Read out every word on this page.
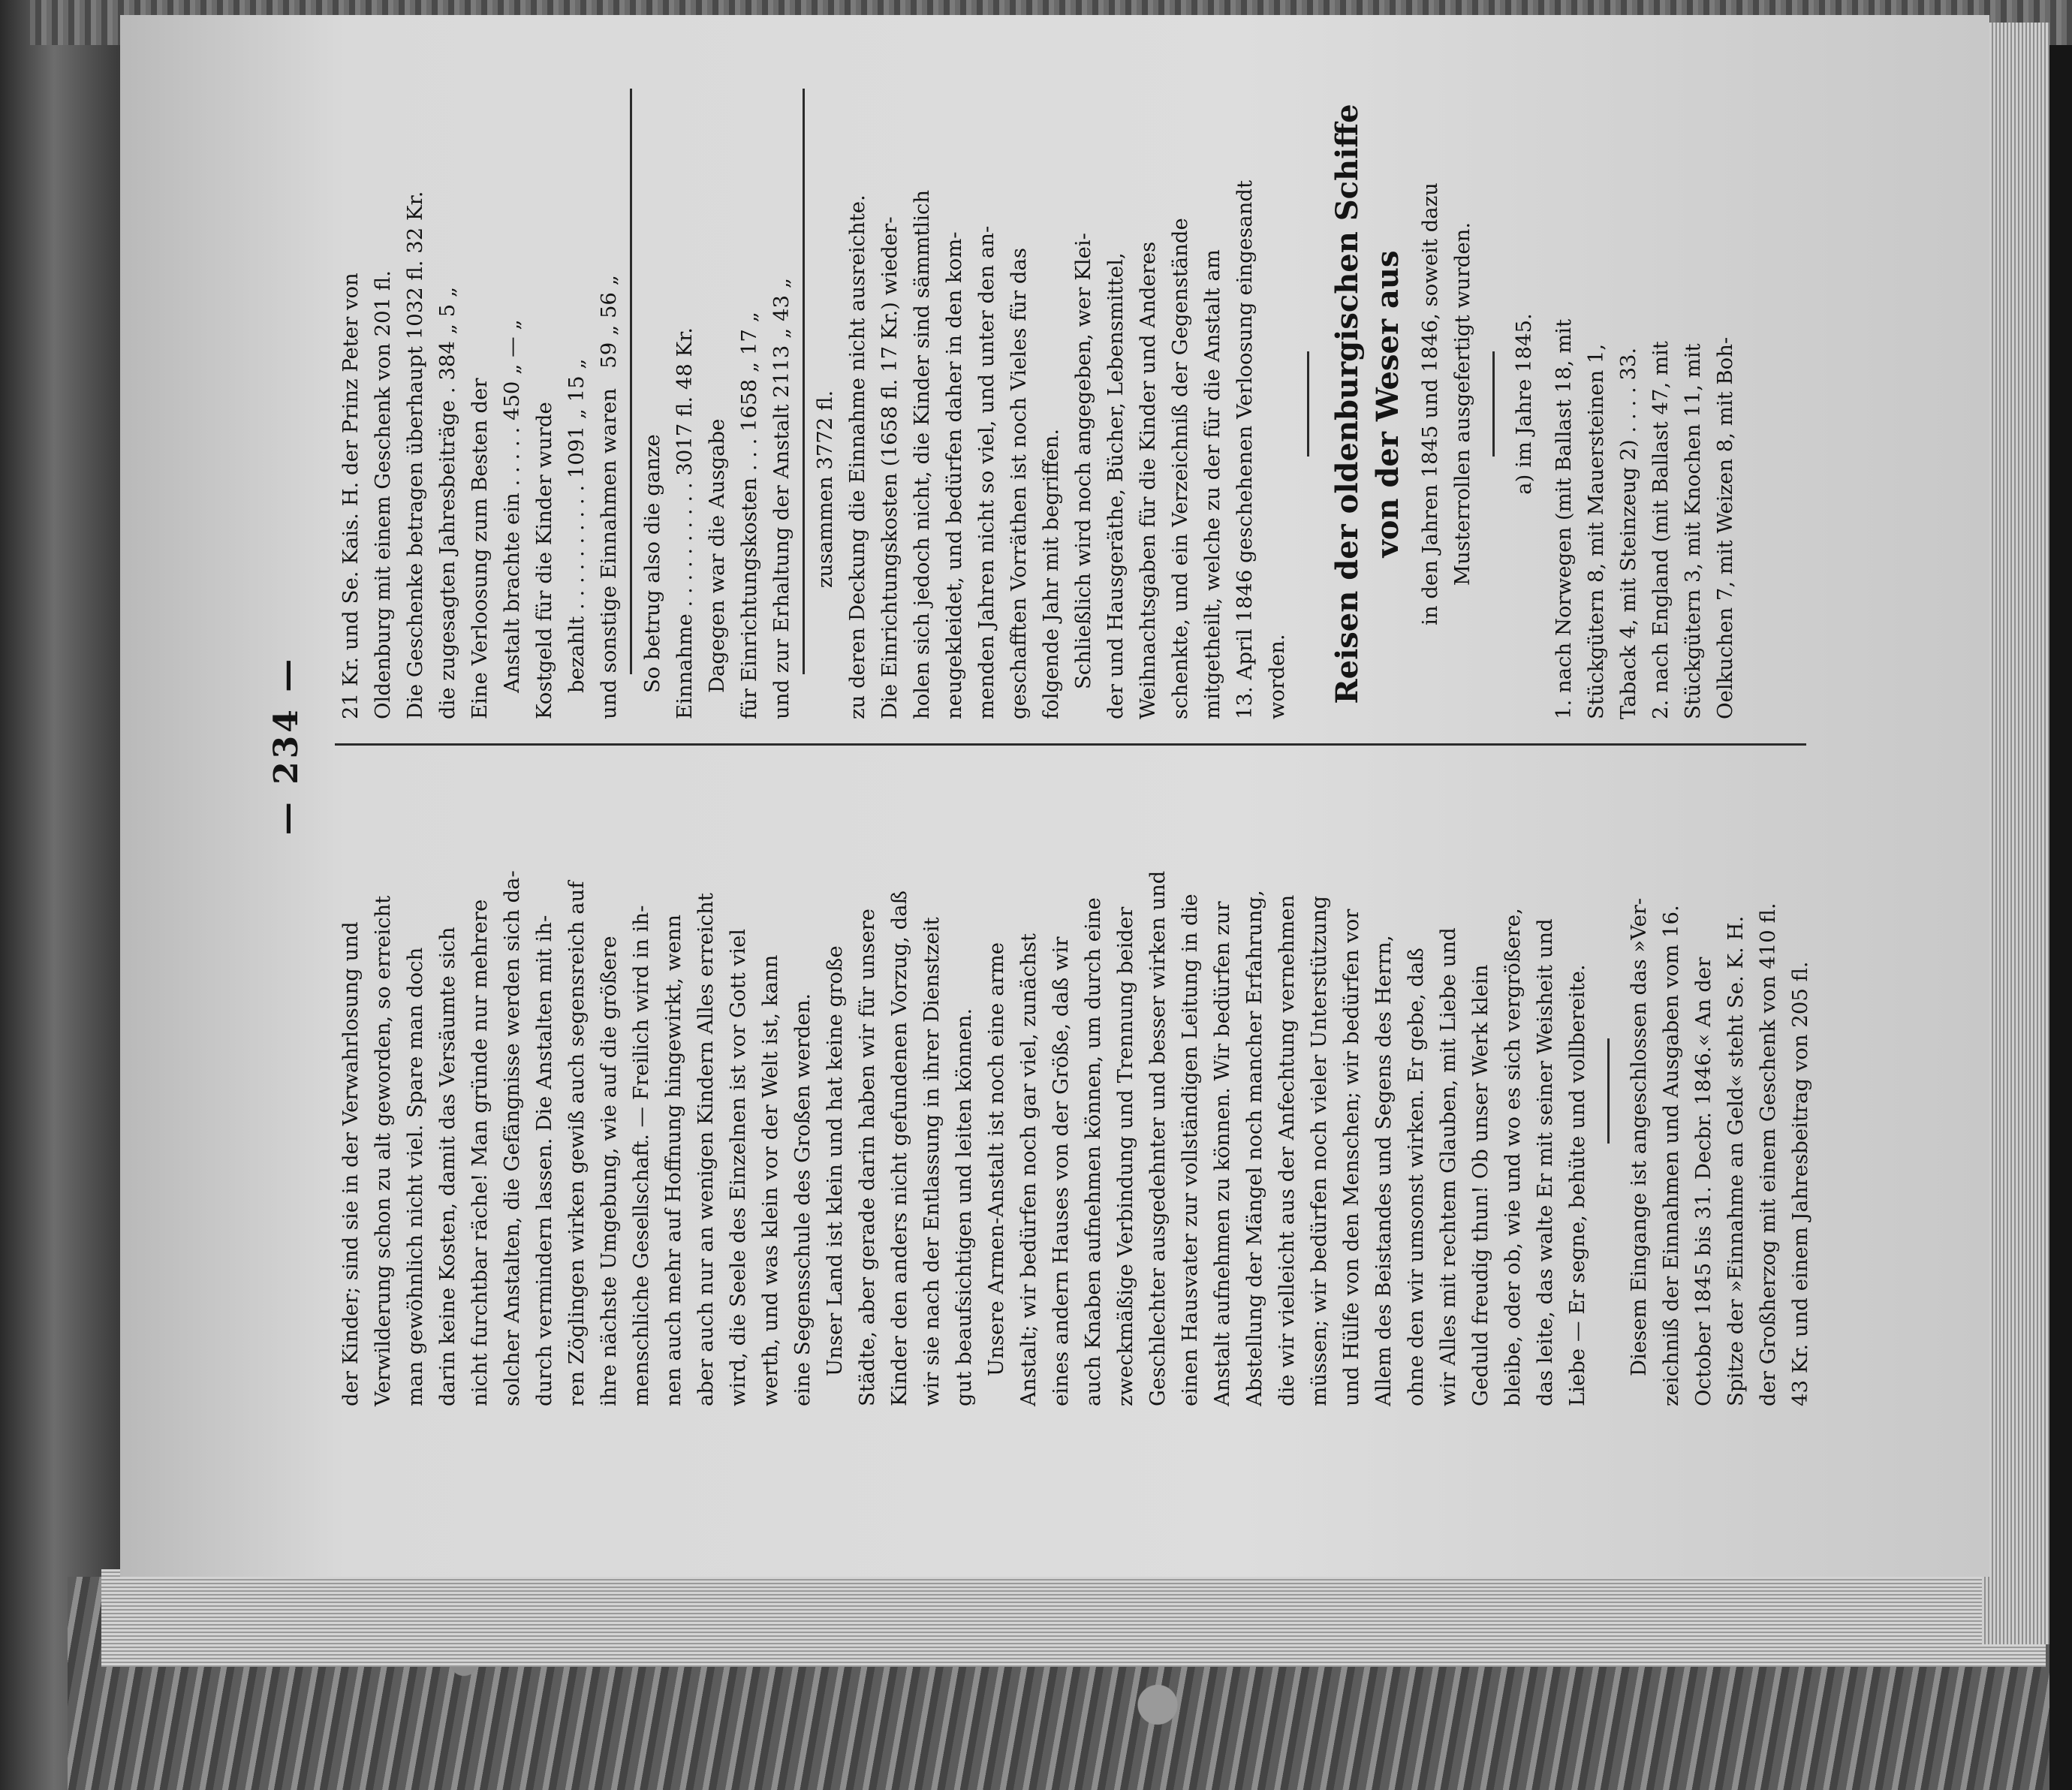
— 234 —

der Kinder; sind sie in der Verwahrlosung und
Verwilderung schon zu alt geworden, so erreicht
man gewöhnlich nicht viel. Spare man doch
darin keine Kosten, damit das Versäumte sich
nicht furchtbar räche! Man gründe nur mehrere
solcher Anstalten, die Gefängnisse werden sich da-
durch vermindern lassen. Die Anstalten mit ih-
ren Zöglingen wirken gewiß auch segensreich auf
ihre nächste Umgebung, wie auf die größere
menschliche Gesellschaft. — Freilich wird in ih-
nen auch mehr auf Hoffnung hingewirkt, wenn
aber auch nur an wenigen Kindern Alles erreicht
wird, die Seele des Einzelnen ist vor Gott viel
werth, und was klein vor der Welt ist, kann
eine Segensschule des Großen werden.

Unser Land ist klein und hat keine große
Städte, aber gerade darin haben wir für unsere
Kinder den anders nicht gefundenen Vorzug, daß
wir sie nach der Entlassung in ihrer Dienstzeit
gut beaufsichtigen und leiten können.

Unsere Armen-Anstalt ist noch eine arme
Anstalt; wir bedürfen noch gar viel, zunächst
eines andern Hauses von der Größe, daß wir
auch Knaben aufnehmen können, um durch eine
zweckmäßige Verbindung und Trennung beider
Geschlechter ausgedehnter und besser wirken und
einen Hausvater zur vollständigen Leitung in die
Anstalt aufnehmen zu können. Wir bedürfen zur
Abstellung der Mängel noch mancher Erfahrung,
die wir vielleicht aus der Anfechtung vernehmen
müssen; wir bedürfen noch vieler Unterstützung
und Hülfe von den Menschen; wir bedürfen vor
Allem des Beistandes und Segens des Herrn,
ohne den wir umsonst wirken. Er gebe, daß
wir Alles mit rechtem Glauben, mit Liebe und
Geduld freudig thun! Ob unser Werk klein
bleibe, oder ob, wie und wo es sich vergrößere,
das leite, das walte Er mit seiner Weisheit und
Liebe — Er segne, behüte und vollbereite.

Diesem Eingange ist angeschlossen das »Ver-
zeichniß der Einnahmen und Ausgaben vom 16.
October 1845 bis 31. Decbr. 1846.« An der
Spitze der »Einnahme an Geld« steht Se. K. H.
der Großherzog mit einem Geschenk von 410 fl.
43 Kr. und einem Jahresbeitrag von 205 fl.

21 Kr. und Se. Kais. H. der Prinz Peter von Oldenburg mit einem Geschenk von 201 fl. Die Geschenke betragen überhaupt 1032 fl. 32 Kr. die zugesagten Jahresbeiträge . 384 „ 5 „ Eine Verloosung zum Besten der Anstalt brachte ein . . . . . 450 „ — „ Kostgeld für die Kinder wurde bezahlt . . . . . . . . . . 1091 „ 15 „ und sonstige Einnahmen waren   59 „ 56 „ So betrug also die ganze Einnahme . . . . . . . . . . 3017 fl. 48 Kr. Dagegen war die Ausgabe für Einrichtungskosten . . . 1658 „ 17 „ und zur Erhaltung der Anstalt 2113 „ 43 „ zusammen 3772 fl. zu deren Deckung die Einnahme nicht ausreichte.
Die Einrichtungskosten (1658 fl. 17 Kr.) wieder-
holen sich jedoch nicht, die Kinder sind sämmtlich
neugekleidet, und bedürfen daher in den kom-
menden Jahren nicht so viel, und unter den an-
geschafften Vorräthen ist noch Vieles für das
folgende Jahr mit begriffen.

Schließlich wird noch angegeben, wer Klei-
der und Hausgeräthe, Bücher, Lebensmittel,
Weihnachtsgaben für die Kinder und Anderes
schenkte, und ein Verzeichniß der Gegenstände
mitgetheilt, welche zu der für die Anstalt am
13. April 1846 geschehenen Verloosung eingesandt
worden. Reisen der oldenburgischen Schiffe
von der Weser aus

in den Jahren 1845 und 1846, soweit dazu
Musterrollen ausgefertigt wurden.

a) im Jahre 1845.

1. nach Norwegen (mit Ballast 18, mit
Stückgütern 8, mit Mauersteinen 1,
Taback 4, mit Steinzeug 2) . . . . 33.

2. nach England (mit Ballast 47, mit
Stückgütern 3, mit Knochen 11, mit
Oelkuchen 7, mit Weizen 8, mit Boh-
